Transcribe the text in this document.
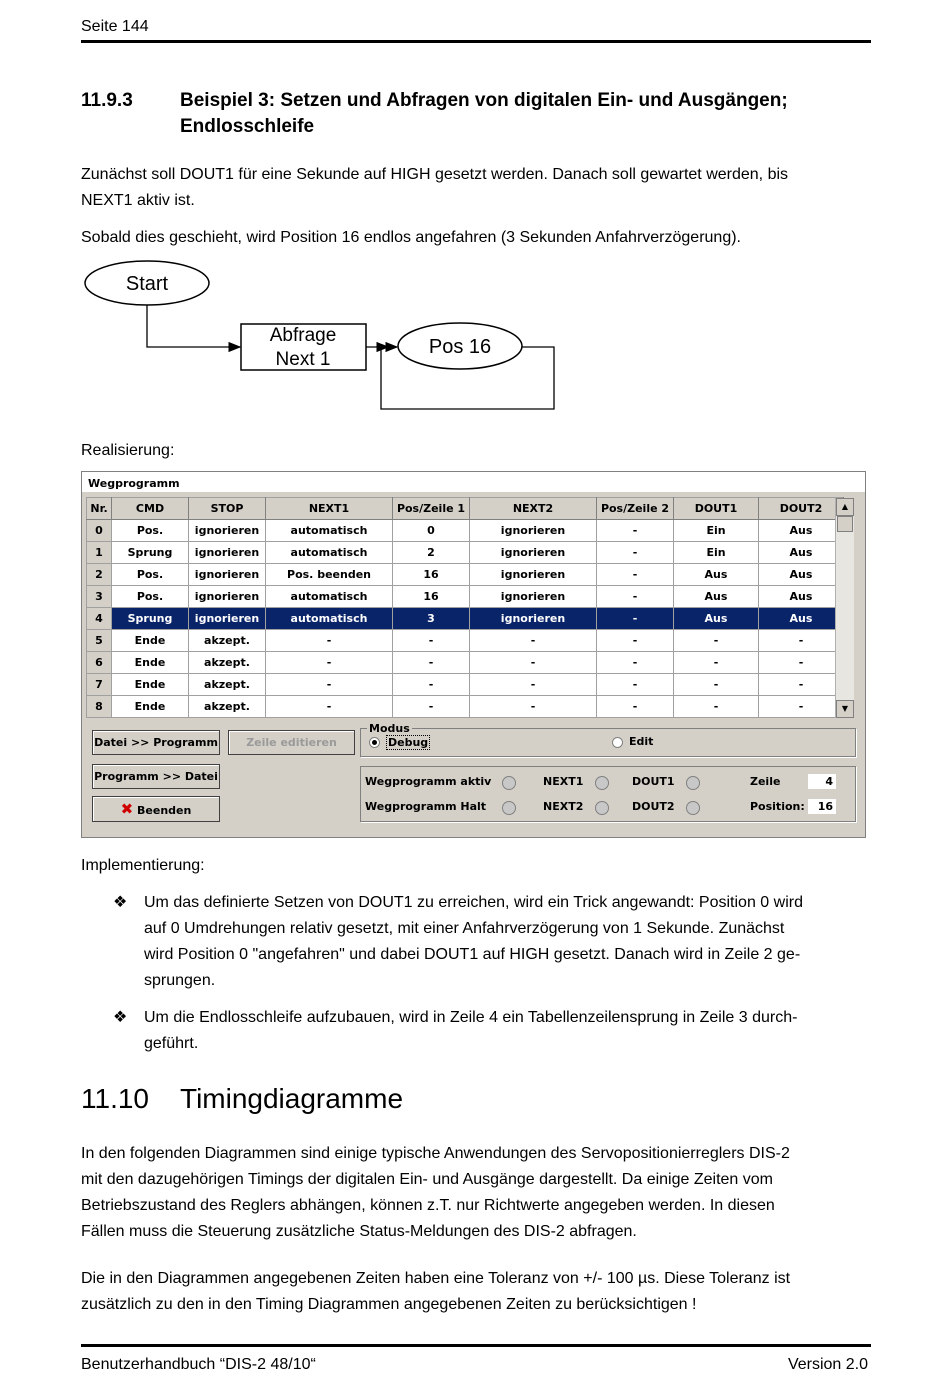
Seite 144
11.9.3 Beispiel 3: Setzen und Abfragen von digitalen Ein- und Ausgängen;
Endlosschleife
Zunächst soll DOUT1 für eine Sekunde auf HIGH gesetzt werden. Danach soll gewartet werden, bis
NEXT1 aktiv ist.
Sobald dies geschieht, wird Position 16 endlos angefahren (3 Sekunden Anfahrverzögerung).
Start
Abfrage
Next 1
Pos 16
Realisierung:
Wegprogramm
Nr.	CMD	STOP	NEXT1	Pos/Zeile 1	NEXT2	Pos/Zeile 2	DOUT1	DOUT2
0	Pos.	ignorieren	automatisch	0	ignorieren	-	Ein	Aus
1	Sprung	ignorieren	automatisch	2	ignorieren	-	Ein	Aus
2	Pos.	ignorieren	Pos. beenden	16	ignorieren	-	Aus	Aus
3	Pos.	ignorieren	automatisch	16	ignorieren	-	Aus	Aus
4	Sprung	ignorieren	automatisch	3	ignorieren	-	Aus	Aus
5	Ende	akzept.	-	-	-	-	-	-
6	Ende	akzept.	-	-	-	-	-	-
7	Ende	akzept.	-	-	-	-	-	-
8	Ende	akzept.	-	-	-	-	-	-
▲
▼
Datei >> Programm	Zeile editieren
Programm >> Datei
✖ Beenden
Modus
Debug	Edit
Wegprogramm aktiv
Wegprogramm Halt
NEXT1
NEXT2
DOUT1
DOUT2
Zeile	4
Position:	16
Implementierung:
❖ Um das definierte Setzen von DOUT1 zu erreichen, wird ein Trick angewandt: Position 0 wird
auf 0 Umdrehungen relativ gesetzt, mit einer Anfahrverzögerung von 1 Sekunde. Zunächst
wird Position 0 "angefahren" und dabei DOUT1 auf HIGH gesetzt. Danach wird in Zeile 2 ge-
sprungen.
❖ Um die Endlosschleife aufzubauen, wird in Zeile 4 ein Tabellenzeilensprung in Zeile 3 durch-
geführt.
11.10 Timingdiagramme
In den folgenden Diagrammen sind einige typische Anwendungen des Servopositionierreglers DIS-2
mit den dazugehörigen Timings der digitalen Ein- und Ausgänge dargestellt. Da einige Zeiten vom
Betriebszustand des Reglers abhängen, können z.T. nur Richtwerte angegeben werden. In diesen
Fällen muss die Steuerung zusätzliche Status-Meldungen des DIS-2 abfragen.
Die in den Diagrammen angegebenen Zeiten haben eine Toleranz von +/- 100 µs. Diese Toleranz ist
zusätzlich zu den in den Timing Diagrammen angegebenen Zeiten zu berücksichtigen !
Benutzerhandbuch “DIS-2 48/10“	Version 2.0
